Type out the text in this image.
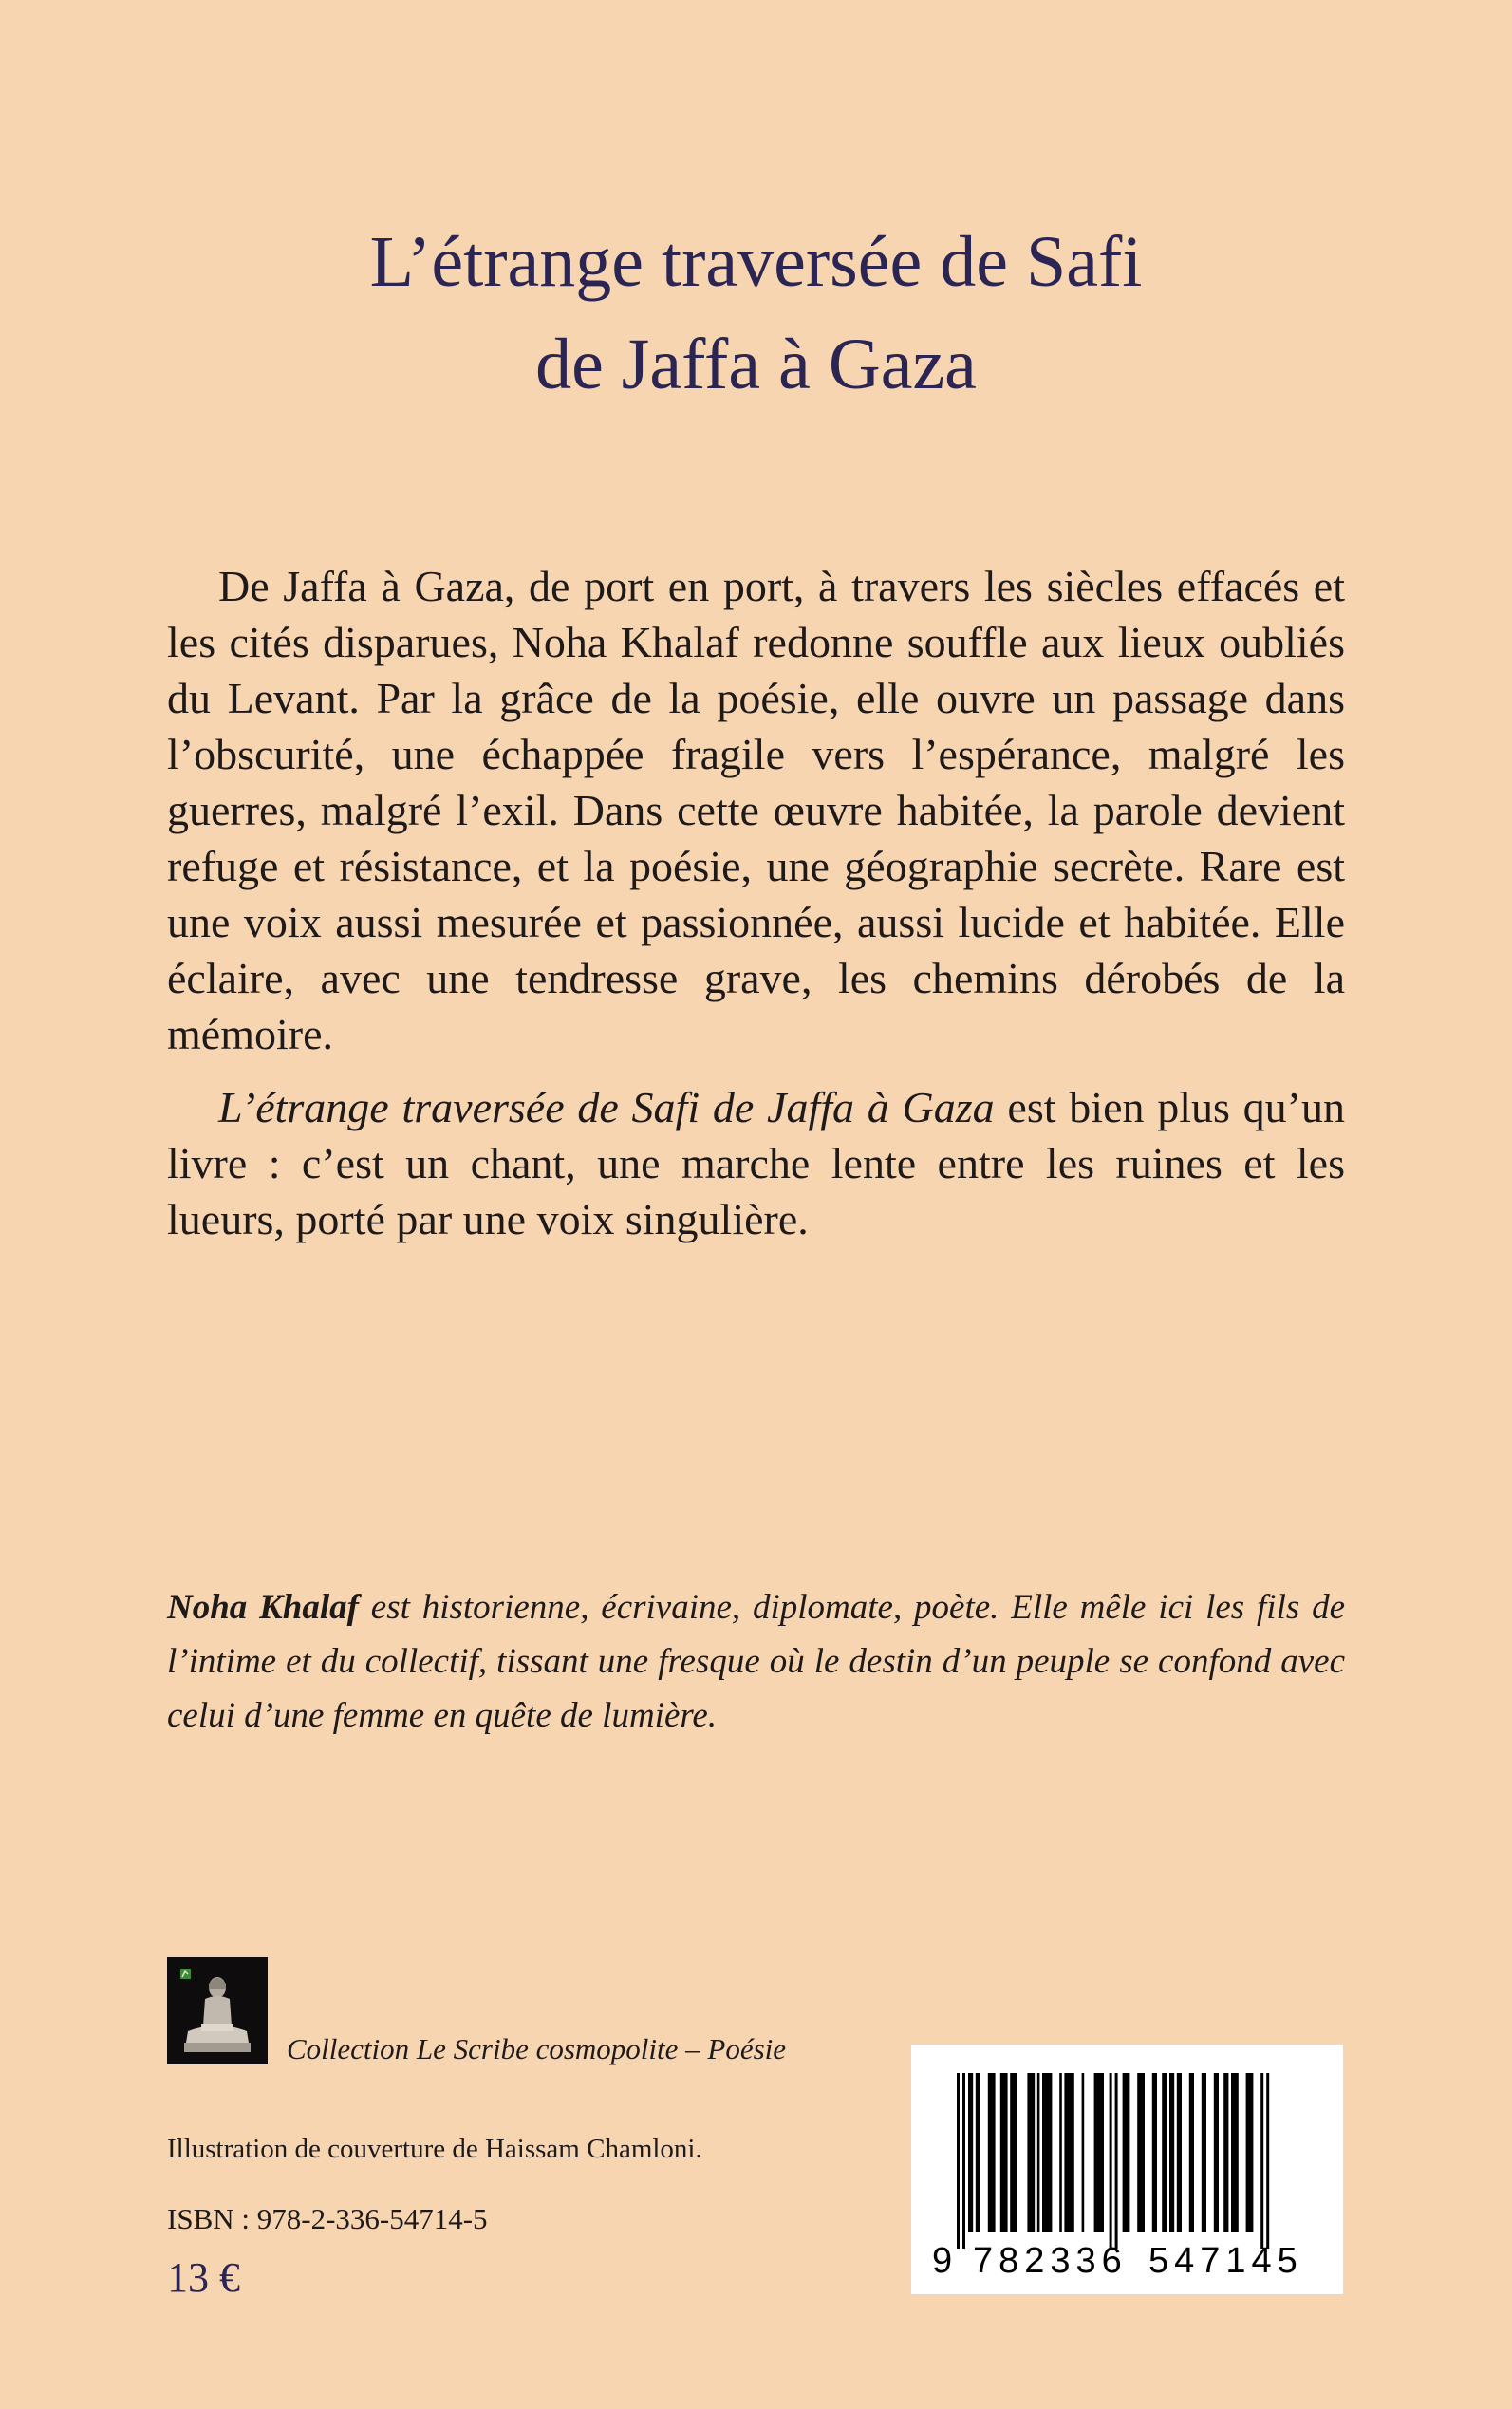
L’étrange traversée de Safi
de Jaffa à Gaza

De Jaffa à Gaza, de port en port, à travers les siècles effacés et les cités disparues, Noha Khalaf redonne souffle aux lieux oubliés du Levant. Par la grâce de la poésie, elle ouvre un passage dans l’obscurité, une échappée fragile vers l’espérance, malgré les guerres, malgré l’exil. Dans cette œuvre habitée, la parole devient refuge et résistance, et la poésie, une géographie secrète. Rare est une voix aussi mesurée et passionnée, aussi lucide et habitée. Elle éclaire, avec une tendresse grave, les chemins dérobés de la mémoire.

L’étrange traversée de Safi de Jaffa à Gaza est bien plus qu’un livre : c’est un chant, une marche lente entre les ruines et les lueurs, porté par une voix singulière.

Noha Khalaf est historienne, écrivaine, diplomate, poète. Elle mêle ici les fils de l’intime et du collectif, tissant une fresque où le destin d’un peuple se confond avec celui d’une femme en quête de lumière.
Collection Le Scribe cosmopolite – Poésie
Illustration de couverture de Haissam Chamloni.
ISBN : 978-2-336-54714-5
13 €	9 782336 547145
